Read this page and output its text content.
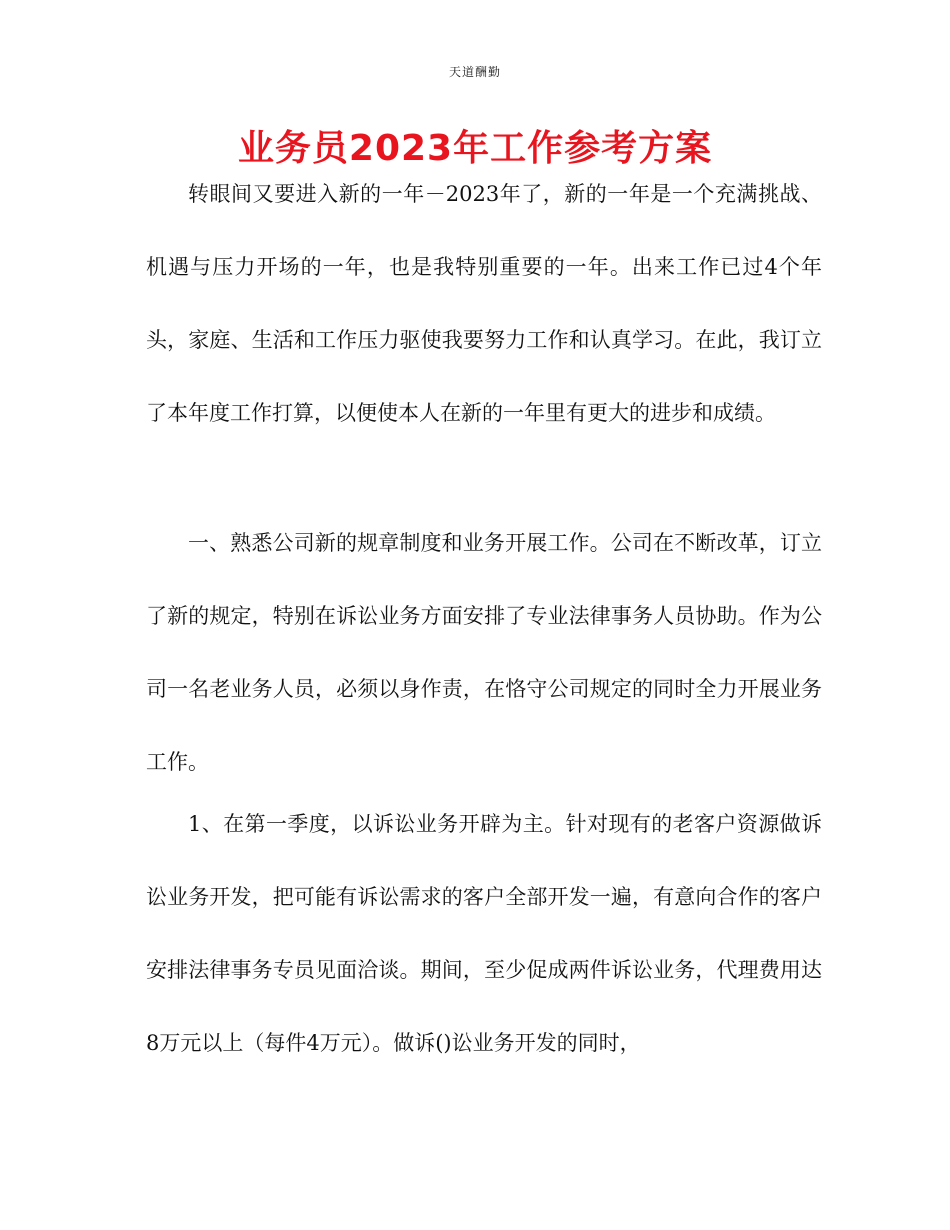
天道酬勤
业务员2023年工作参考方案

转眼间又要进入新的一年－2023年了，新的一年是一个充满挑战、机遇与压力开场的一年，也是我特别重要的一年。出来工作已过4个年头，家庭、生活和工作压力驱使我要努力工作和认真学习。在此，我订立了本年度工作打算，以便使本人在新的一年里有更大的进步和成绩。

一、熟悉公司新的规章制度和业务开展工作。公司在不断改革，订立了新的规定，特别在诉讼业务方面安排了专业法律事务人员协助。作为公司一名老业务人员，必须以身作责，在恪守公司规定的同时全力开展业务工作。

1、在第一季度，以诉讼业务开辟为主。针对现有的老客户资源做诉讼业务开发，把可能有诉讼需求的客户全部开发一遍，有意向合作的客户安排法律事务专员见面洽谈。期间，至少促成两件诉讼业务，代理费用达8万元以上（每件4万元）。做诉()讼业务开发的同时，
